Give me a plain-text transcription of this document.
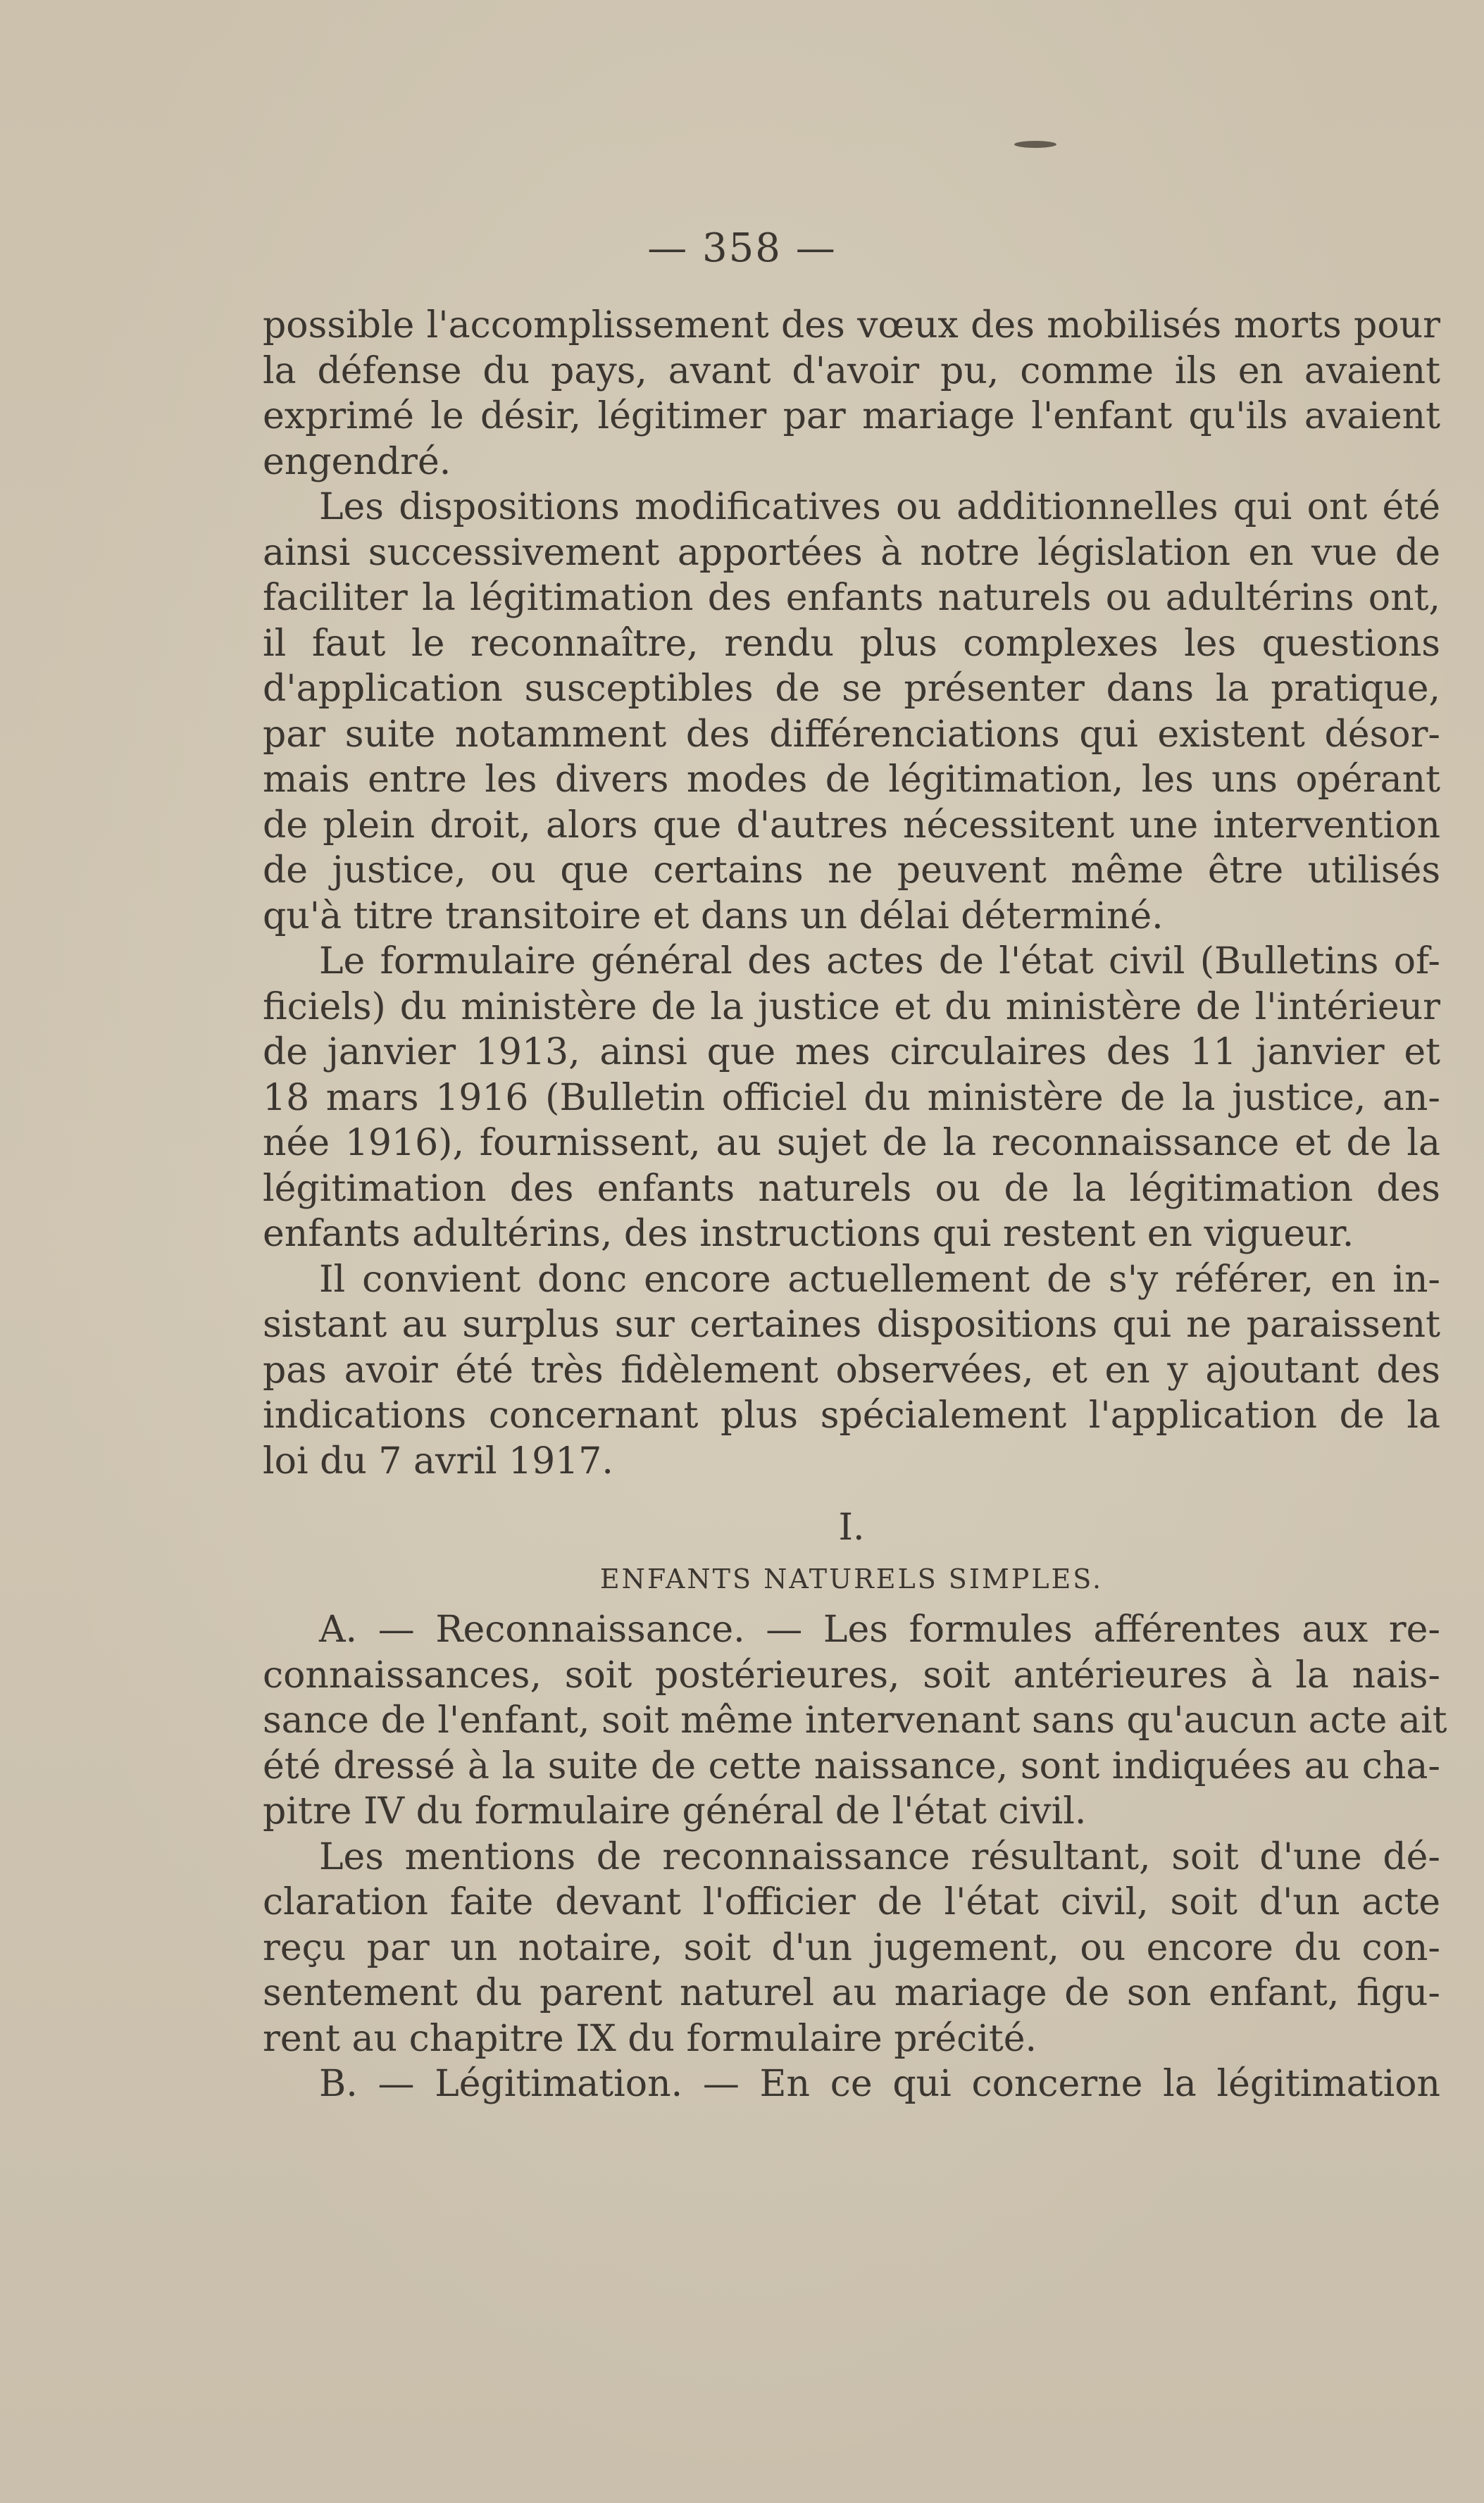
— 358 —
possible l'accomplissement des vœux des mobilisés morts pour
la défense du pays, avant d'avoir pu, comme ils en avaient
exprimé le désir, légitimer par mariage l'enfant qu'ils avaient
engendré.
Les dispositions modificatives ou additionnelles qui ont été
ainsi successivement apportées à notre législation en vue de
faciliter la légitimation des enfants naturels ou adultérins ont,
il faut le reconnaître, rendu plus complexes les questions
d'application susceptibles de se présenter dans la pratique,
par suite notamment des différenciations qui existent désor-
mais entre les divers modes de légitimation, les uns opérant
de plein droit, alors que d'autres nécessitent une intervention
de justice, ou que certains ne peuvent même être utilisés
qu'à titre transitoire et dans un délai déterminé.
Le formulaire général des actes de l'état civil (Bulletins of-
ficiels) du ministère de la justice et du ministère de l'intérieur
de janvier 1913, ainsi que mes circulaires des 11 janvier et
18 mars 1916 (Bulletin officiel du ministère de la justice, an-
née 1916), fournissent, au sujet de la reconnaissance et de la
légitimation des enfants naturels ou de la légitimation des
enfants adultérins, des instructions qui restent en vigueur.
Il convient donc encore actuellement de s'y référer, en in-
sistant au surplus sur certaines dispositions qui ne paraissent
pas avoir été très fidèlement observées, et en y ajoutant des
indications concernant plus spécialement l'application de la
loi du 7 avril 1917.
I.
ENFANTS NATURELS SIMPLES.
A. — Reconnaissance. — Les formules afférentes aux re-
connaissances, soit postérieures, soit antérieures à la nais-
sance de l'enfant, soit même intervenant sans qu'aucun acte ait
été dressé à la suite de cette naissance, sont indiquées au cha-
pitre IV du formulaire général de l'état civil.
Les mentions de reconnaissance résultant, soit d'une dé-
claration faite devant l'officier de l'état civil, soit d'un acte
reçu par un notaire, soit d'un jugement, ou encore du con-
sentement du parent naturel au mariage de son enfant, figu-
rent au chapitre IX du formulaire précité.
B. — Légitimation. — En ce qui concerne la légitimation
